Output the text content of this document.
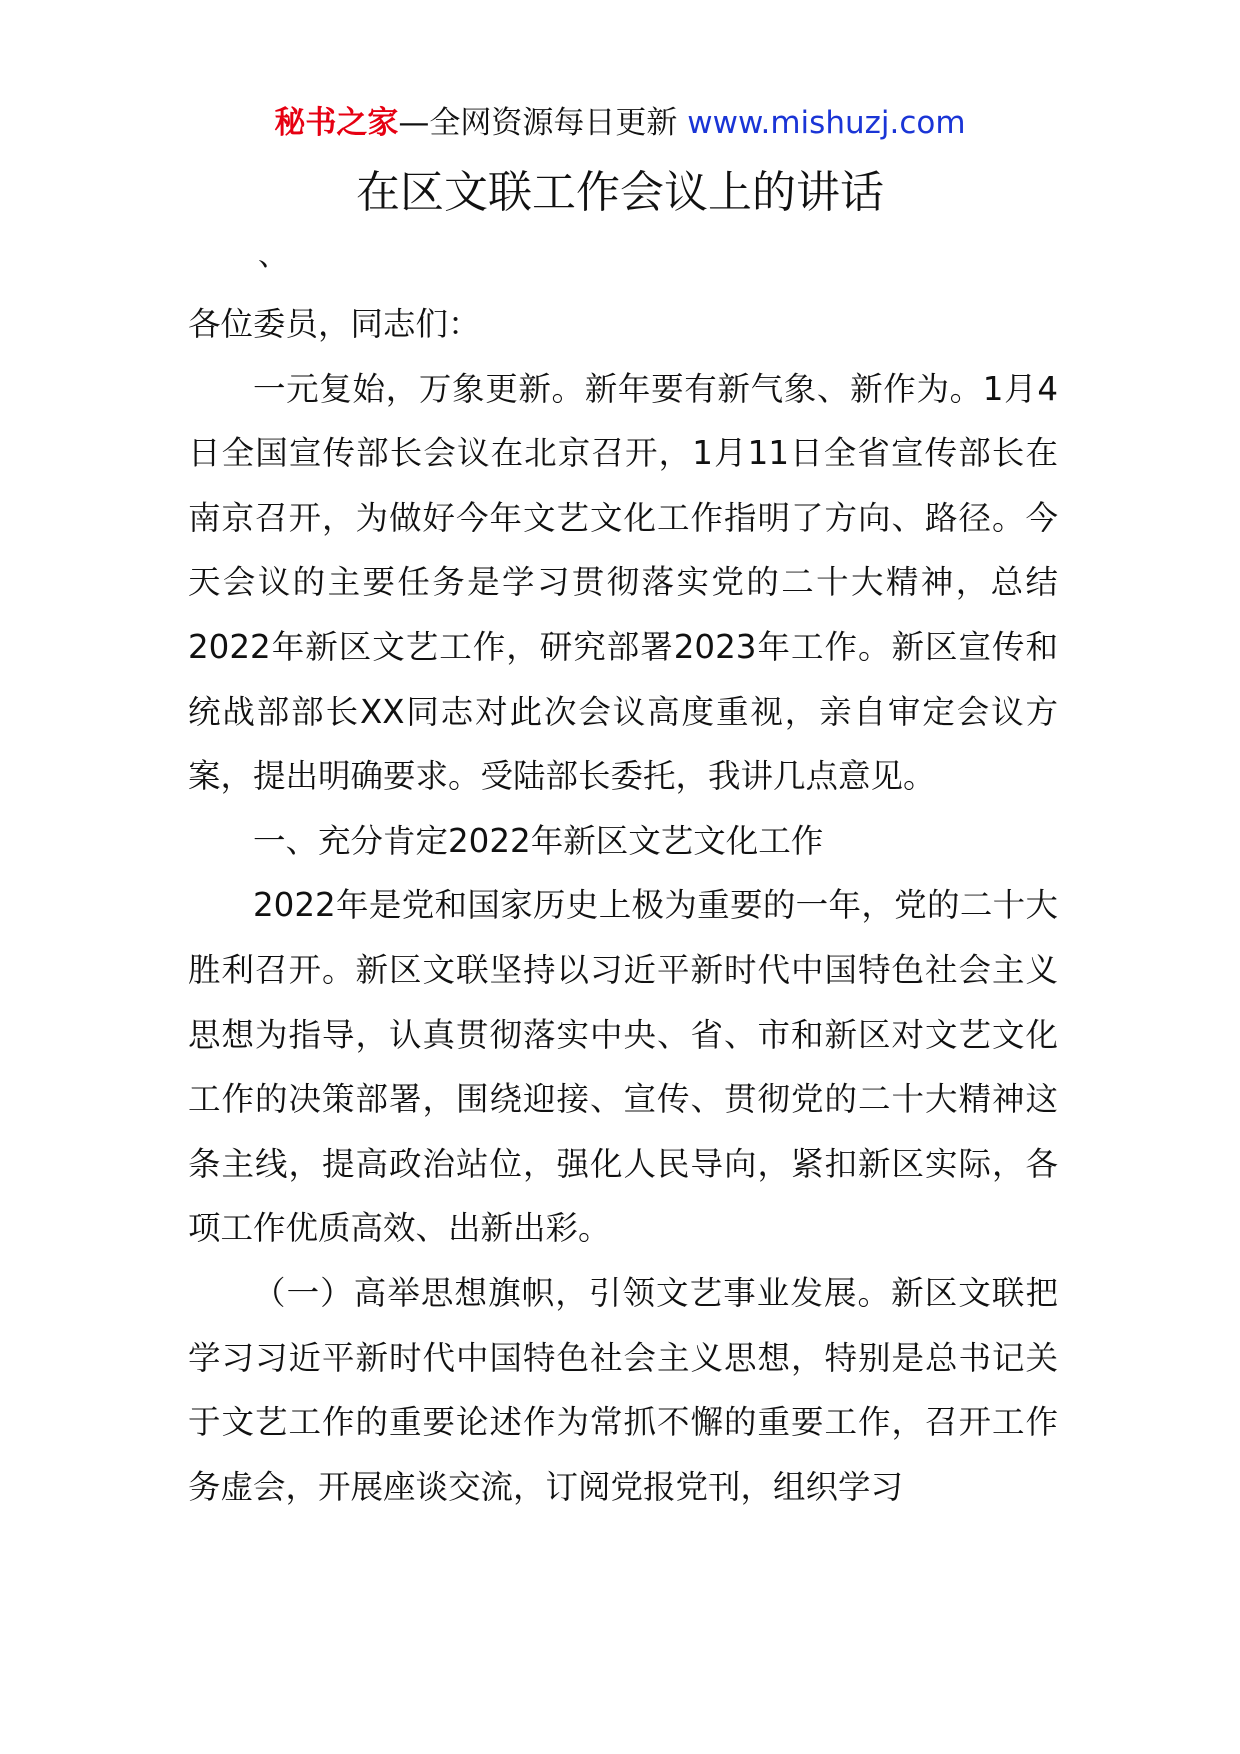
秘书之家—全网资源每日更新 www.mishuzj.com
在区文联工作会议上的讲话
、

各位委员，同志们：

一元复始，万象更新。新年要有新气象、新作为。1月4日全国宣传部长会议在北京召开，1月11日全省宣传部长在南京召开，为做好今年文艺文化工作指明了方向、路径。今天会议的主要任务是学习贯彻落实党的二十大精神，总结2022年新区文艺工作，研究部署2023年工作。新区宣传和统战部部长XX同志对此次会议高度重视，亲自审定会议方案，提出明确要求。受陆部长委托，我讲几点意见。

一、充分肯定2022年新区文艺文化工作

2022年是党和国家历史上极为重要的一年，党的二十大胜利召开。新区文联坚持以习近平新时代中国特色社会主义思想为指导，认真贯彻落实中央、省、市和新区对文艺文化工作的决策部署，围绕迎接、宣传、贯彻党的二十大精神这条主线，提高政治站位，强化人民导向，紧扣新区实际，各项工作优质高效、出新出彩。

（一）高举思想旗帜，引领文艺事业发展。新区文联把学习习近平新时代中国特色社会主义思想，特别是总书记关于文艺工作的重要论述作为常抓不懈的重要工作，召开工作务虚会，开展座谈交流，订阅党报党刊，组织学习
